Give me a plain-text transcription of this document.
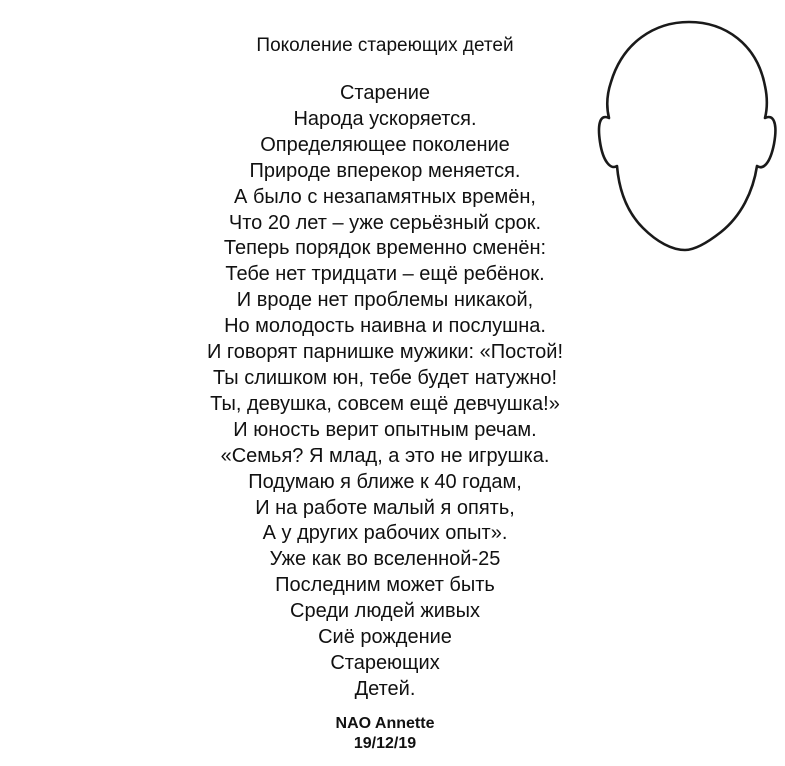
Поколение стареющих детей
Старение
Народа ускоряется.
Определяющее поколение
Природе вперекор меняется.
А было с незапамятных времён,
Что 20 лет – уже серьёзный срок.
Теперь порядок временно сменён:
Тебе нет тридцати – ещё ребёнок.
И вроде нет проблемы никакой,
Но молодость наивна и послушна.
И говорят парнишке мужики: «Постой!
Ты слишком юн, тебе будет натужно!
Ты, девушка, совсем ещё девчушка!»
И юность верит опытным речам.
«Семья? Я млад, а это не игрушка.
Подумаю я ближе к 40 годам,
И на работе малый я опять,
А у других рабочих опыт».
Уже как во вселенной-25
Последним может быть
Среди людей живых
Сиё рождение
Стареющих
Детей.
NAO Annette
19/12/19
